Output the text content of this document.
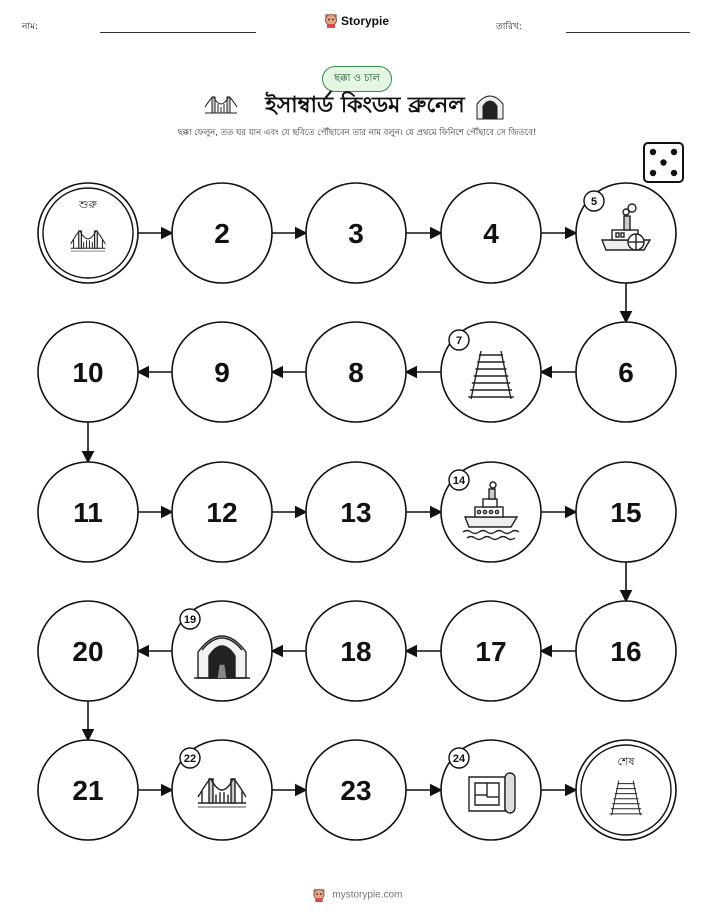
নাম:	Storypie	তারিখ:
ছক্কা ও চাল
ইসাম্বার্ড কিংডম ব্রুনেল
ছক্কা ফেলুন, তত ঘর যান এবং যে ছবিতে পৌঁছাবেন তার নাম বলুন। যে প্রথমে ফিনিশে পৌঁছাবে সে জিতবে!
শুরু
2	3	4
5
10	9	8
7
6
11	12	13
14
15
20
19
18	17	16
21
22
23
24	শেষ
mystorypie.com
